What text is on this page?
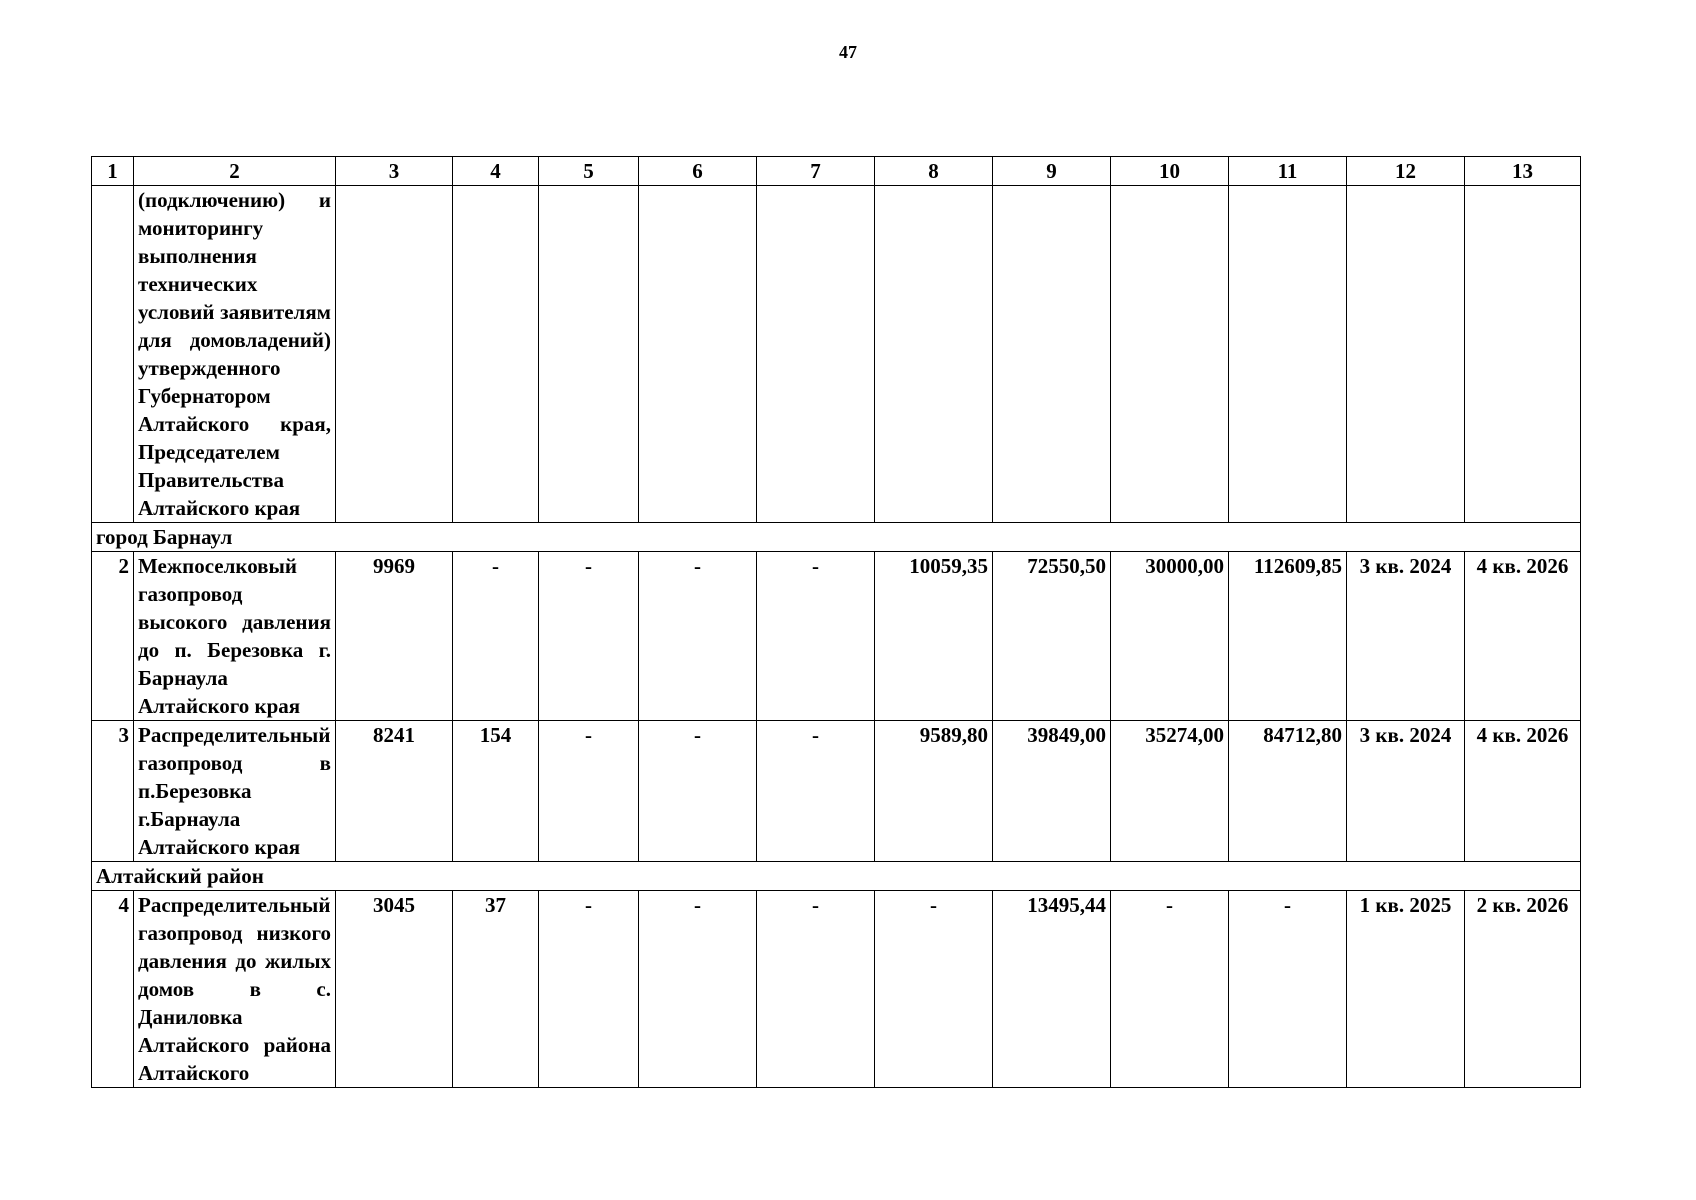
47
1	2	3	4	5	6	7	8	9	10	11	12	13
	(подключению) и мониторингу выполнения технических условий заявителям для домовладений) утвержденного Губернатором Алтайского края, Председателем Правительства Алтайского края											
город Барнаул												
2	Межпоселковый газопровод высокого давления до п. Березовка г. Барнаула Алтайского края	9969	-	-	-	-	10059,35	72550,50	30000,00	112609,85	3 кв. 2024	4 кв. 2026
3	Распределительный газопровод в п.Березовка г.Барнаула Алтайского края	8241	154	-	-	-	9589,80	39849,00	35274,00	84712,80	3 кв. 2024	4 кв. 2026
Алтайский район												
4	Распределительный газопровод низкого давления до жилых домов в с. Даниловка Алтайского района Алтайского	3045	37	-	-	-	-	13495,44	-	-	1 кв. 2025	2 кв. 2026
